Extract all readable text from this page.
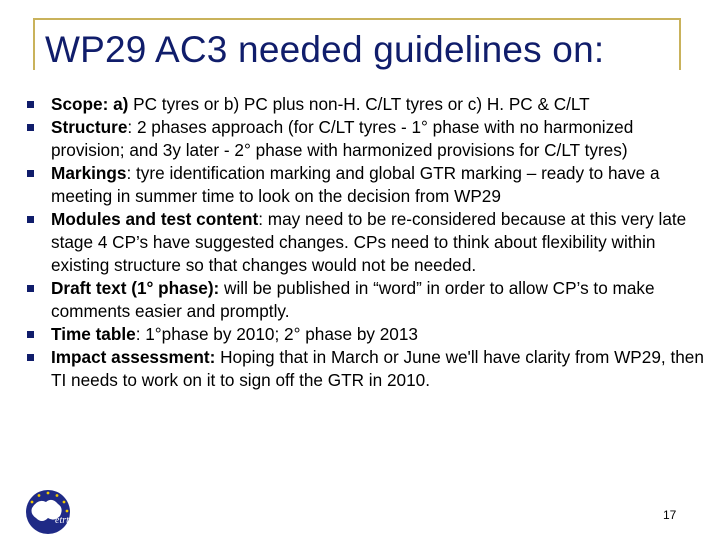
WP29 AC3 needed guidelines on:
Scope: a) PC tyres or b) PC plus non-H. C/LT tyres or c) H. PC & C/LT
Structure: 2 phases approach (for C/LT tyres - 1° phase with no harmonized provision; and 3y later - 2° phase with harmonized provisions for C/LT tyres)
Markings: tyre identification marking and global GTR marking – ready to have a meeting in summer time to look on the decision from WP29
Modules and test content: may need to be re-considered because at this very late stage 4 CP’s have suggested changes. CPs need to think about flexibility within existing structure so that changes would not be needed.
Draft text (1° phase): will be published in “word” in order to allow CP’s to make comments easier and promptly.
Time table: 1°phase by 2010; 2° phase by 2013
Impact assessment: Hoping that in March or June we'll have clarity from WP29, then TI needs to work on it to sign off the GTR in 2010.
etrto	17
